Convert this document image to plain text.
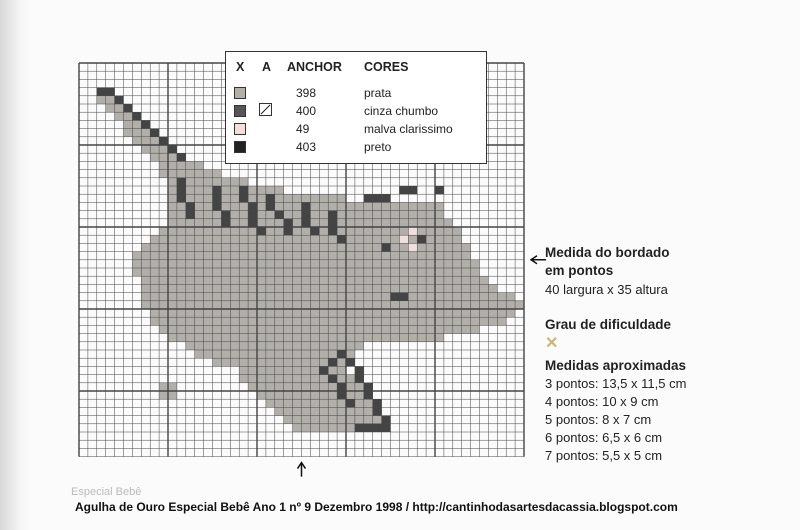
X A ANCHOR CORES
398	prata
400	cinza chumbo
49	malva clarissimo
403	preto
Medida do bordado
em pontos
40 largura x 35 altura
Grau de dificuldade
✕
Medidas aproximadas
3 pontos: 13,5 x 11,5 cm
4 pontos: 10 x 9 cm
5 pontos: 8 x 7 cm
6 pontos: 6,5 x 6 cm
7 pontos: 5,5 x 5 cm
Especial Bebê
Agulha de Ouro Especial Bebê Ano 1 nº 9 Dezembro 1998 / http://cantinhodasartesdacassia.blogspot.com
